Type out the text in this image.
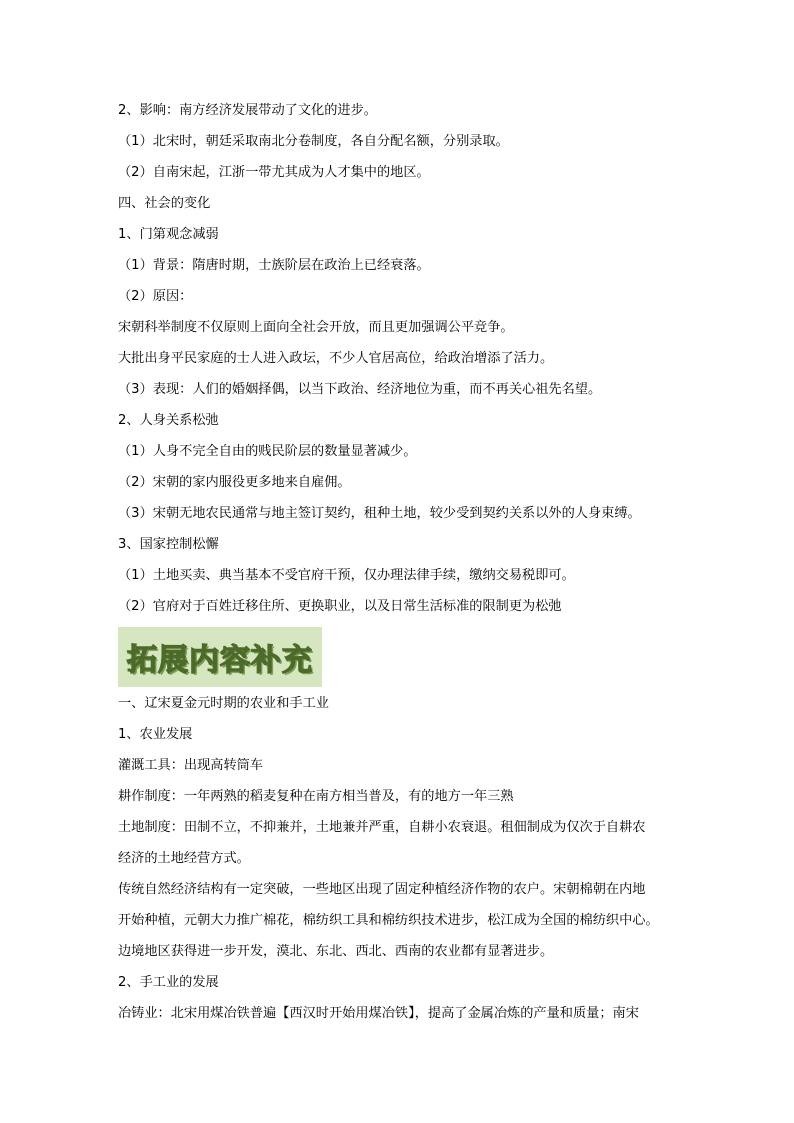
2、影响：南方经济发展带动了文化的进步。
（1）北宋时，朝廷采取南北分卷制度，各自分配名额，分别录取。
（2）自南宋起，江浙一带尤其成为人才集中的地区。
四、社会的变化
1、门第观念减弱
（1）背景：隋唐时期，士族阶层在政治上已经衰落。
（2）原因：
宋朝科举制度不仅原则上面向全社会开放，而且更加强调公平竞争。
大批出身平民家庭的士人进入政坛，不少人官居高位，给政治增添了活力。
（3）表现：人们的婚姻择偶，以当下政治、经济地位为重，而不再关心祖先名望。
2、人身关系松弛
（1）人身不完全自由的贱民阶层的数量显著减少。
（2）宋朝的家内服役更多地来自雇佣。
（3）宋朝无地农民通常与地主签订契约，租种土地，较少受到契约关系以外的人身束缚。
3、国家控制松懈
（1）土地买卖、典当基本不受官府干预，仅办理法律手续，缴纳交易税即可。
（2）官府对于百姓迁移住所、更换职业，以及日常生活标准的限制更为松弛
拓展内容补充
一、辽宋夏金元时期的农业和手工业
1、农业发展
灌溉工具：出现高转筒车
耕作制度：一年两熟的稻麦复种在南方相当普及，有的地方一年三熟
土地制度：田制不立，不抑兼并，土地兼并严重，自耕小农衰退。租佃制成为仅次于自耕农
经济的土地经营方式。
传统自然经济结构有一定突破，一些地区出现了固定种植经济作物的农户。宋朝棉朝在内地
开始种植，元朝大力推广棉花，棉纺织工具和棉纺织技术进步，松江成为全国的棉纺织中心。
边境地区获得进一步开发，漠北、东北、西北、西南的农业都有显著进步。
2、手工业的发展
冶铸业：北宋用煤冶铁普遍【西汉时开始用煤冶铁】，提高了金属冶炼的产量和质量；南宋
